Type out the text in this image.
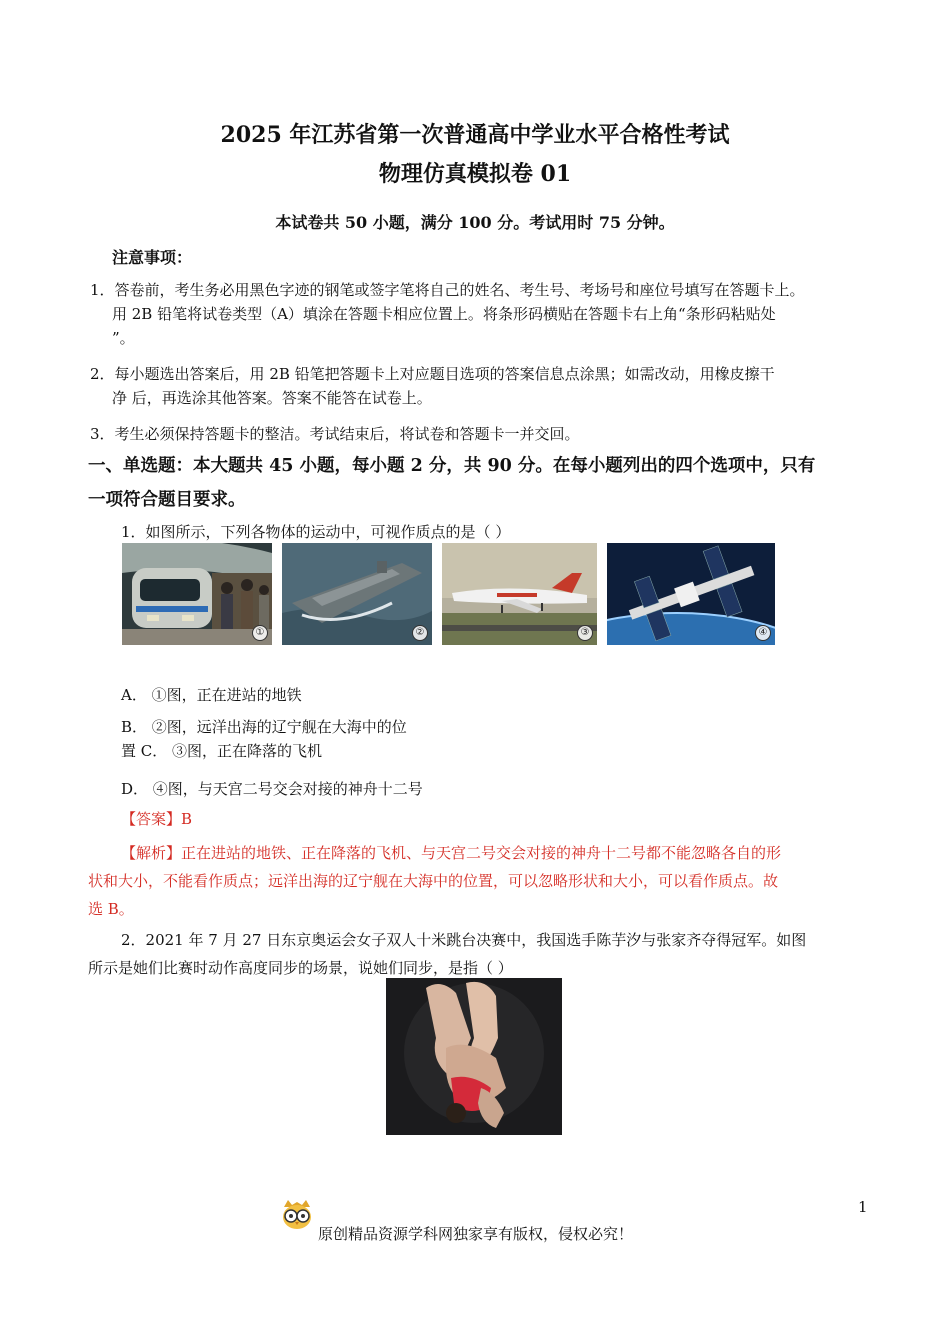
2025 年江苏省第一次普通高中学业水平合格性考试
物理仿真模拟卷 01
本试卷共 50 小题，满分 100 分。考试用时 75 分钟。
注意事项：
1．答卷前，考生务必用黑色字迹的钢笔或签字笔将自己的姓名、考生号、考场号和座位号填写在答题卡上。
用 2B 铅笔将试卷类型（A）填涂在答题卡相应位置上。将条形码横贴在答题卡右上角“条形码粘贴处
”。
2．每小题选出答案后，用 2B 铅笔把答题卡上对应题目选项的答案信息点涂黑；如需改动，用橡皮擦干
净 后，再选涂其他答案。答案不能答在试卷上。
3．考生必须保持答题卡的整洁。考试结束后，将试卷和答题卡一并交回。
一、单选题：本大题共 45 小题，每小题 2 分，共 90 分。在每小题列出的四个选项中，只有
一项符合题目要求。
1．如图所示，下列各物体的运动中，可视作质点的是（ ）
①	②	③	④
A． ①图，正在进站的地铁
B． ②图，远洋出海的辽宁舰在大海中的位
置 C． ③图，正在降落的飞机
D． ④图，与天宫二号交会对接的神舟十二号
【答案】B
【解析】正在进站的地铁、正在降落的飞机、与天宫二号交会对接的神舟十二号都不能忽略各自的形
状和大小，不能看作质点；远洋出海的辽宁舰在大海中的位置，可以忽略形状和大小，可以看作质点。故
选 B。
2．2021 年 7 月 27 日东京奥运会女子双人十米跳台决赛中，我国选手陈芋汐与张家齐夺得冠军。如图
所示是她们比赛时动作高度同步的场景，说她们同步，是指（ ）
1
原创精品资源学科网独家享有版权，侵权必究！
